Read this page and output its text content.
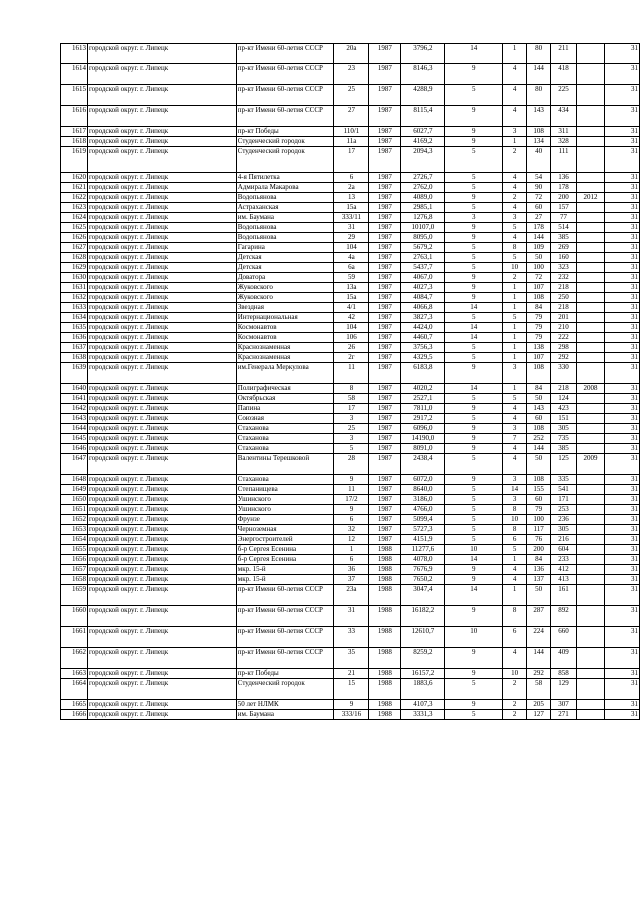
1613	городской округ. г. Липецк	пр-кт Имени 60-летия СССР	20а	1987	3796,2	14	1	80	211		31
1614	городской округ. г. Липецк	пр-кт Имени 60-летия СССР	23	1987	8146,3	9	4	144	418		31
1615	городской округ. г. Липецк	пр-кт Имени 60-летия СССР	25	1987	4288,9	5	4	80	225		31
1616	городской округ. г. Липецк	пр-кт Имени 60-летия СССР	27	1987	8115,4	9	4	143	434		31
1617	городской округ. г. Липецк	пр-кт Победы	110/1	1987	6027,7	9	3	108	311		31
1618	городской округ. г. Липецк	Студенческий городок	11а	1987	4169,2	9	1	134	328		31
1619	городской округ. г. Липецк	Студенческий городок	17	1987	2094,3	5	2	40	111		31
1620	городской округ. г. Липецк	4-я Пятилетка	6	1987	2726,7	5	4	54	136		31
1621	городской округ. г. Липецк	Адмирала Макарова	2а	1987	2762,0	5	4	90	178		31
1622	городской округ. г. Липецк	Водопьянова	13	1987	4089,0	9	2	72	200	2012	31
1623	городской округ. г. Липецк	Астраханская	15а	1987	2985,1	5	4	60	157		31
1624	городской округ. г. Липецк	им. Баумана	333/11	1987	1276,8	3	3	27	77		31
1625	городской округ. г. Липецк	Водопьянова	31	1987	10107,0	9	5	178	514		31
1626	городской округ. г. Липецк	Водопьянова	29	1987	8095,0	9	4	144	385		31
1627	городской округ. г. Липецк	Гагарина	104	1987	5679,2	5	8	109	269		31
1628	городской округ. г. Липецк	Детская	4а	1987	2763,1	5	5	50	160		31
1629	городской округ. г. Липецк	Детская	6а	1987	5437,7	5	10	100	323		31
1630	городской округ. г. Липецк	Доватора	59	1987	4067,0	9	2	72	232		31
1631	городской округ. г. Липецк	Жуковского	13а	1987	4027,3	9	1	107	218		31
1632	городской округ. г. Липецк	Жуковского	15а	1987	4084,7	9	1	108	250		31
1633	городской округ. г. Липецк	Звездная	4/1	1987	4066,8	14	1	84	218		31
1634	городской округ. г. Липецк	Интернациональная	42	1987	3827,3	5	5	79	201		31
1635	городской округ. г. Липецк	Космонавтов	104	1987	4424,0	14	1	79	210		31
1636	городской округ. г. Липецк	Космонавтов	106	1987	4460,7	14	1	79	222		31
1637	городской округ. г. Липецк	Краснознаменная	26	1987	3756,3	5	1	138	298		31
1638	городской округ. г. Липецк	Краснознаменная	2г	1987	4329,5	5	1	107	292		31
1639	городской округ. г. Липецк	им.Генерала Меркулова	11	1987	6183,8	9	3	108	330		31
1640	городской округ. г. Липецк	Полиграфическая	8	1987	4020,2	14	1	84	218	2008	31
1641	городской округ. г. Липецк	Октябрьская	58	1987	2527,1	5	5	50	124		31
1642	городской округ. г. Липецк	Папина	17	1987	7811,0	9	4	143	423		31
1643	городской округ. г. Липецк	Союзная	3	1987	2917,2	5	4	60	151		31
1644	городской округ. г. Липецк	Стаханова	25	1987	6096,0	9	3	108	305		31
1645	городской округ. г. Липецк	Стаханова	3	1987	14190,0	9	7	252	735		31
1646	городской округ. г. Липецк	Стаханова	5	1987	8091,0	9	4	144	385		31
1647	городской округ. г. Липецк	Валентины Терешковой	28	1987	2438,4	5	4	50	125	2009	31
1648	городской округ. г. Липецк	Стаханова	9	1987	6072,0	9	3	108	335		31
1649	городской округ. г. Липецк	Степанищева	11	1987	8640,0	5	14	155	541		31
1650	городской округ. г. Липецк	Ушинского	17/2	1987	3186,0	5	3	60	171		31
1651	городской округ. г. Липецк	Ушинского	9	1987	4766,0	5	8	79	253		31
1652	городской округ. г. Липецк	Фрунзе	6	1987	5099,4	5	10	100	236		31
1653	городской округ. г. Липецк	Черноземная	32	1987	5727,3	5	8	117	305		31
1654	городской округ. г. Липецк	Энергостроителей	12	1987	4151,9	5	6	76	216		31
1655	городской округ. г. Липецк	б-р Сергея Есенина	1	1988	11277,6	10	5	200	604		31
1656	городской округ. г. Липецк	б-р Сергея Есенина	6	1988	4078,0	14	1	84	233		31
1657	городской округ. г. Липецк	мкр. 15-й	36	1988	7676,9	9	4	136	412		31
1658	городской округ. г. Липецк	мкр. 15-й	37	1988	7650,2	9	4	137	413		31
1659	городской округ. г. Липецк	пр-кт Имени 60-летия СССР	23а	1988	3047,4	14	1	50	161		31
1660	городской округ. г. Липецк	пр-кт Имени 60-летия СССР	31	1988	16182,2	9	8	287	892		31
1661	городской округ. г. Липецк	пр-кт Имени 60-летия СССР	33	1988	12610,7	10	6	224	660		31
1662	городской округ. г. Липецк	пр-кт Имени 60-летия СССР	35	1988	8259,2	9	4	144	409		31
1663	городской округ. г. Липецк	пр-кт Победы	21	1988	16157,2	9	10	292	858		31
1664	городской округ. г. Липецк	Студенческий городок	15	1988	1883,6	5	2	58	129		31
1665	городской округ. г. Липецк	50 лет НЛМК	9	1988	4107,3	9	2	205	307		31
1666	городской округ. г. Липецк	им. Баумана	333/16	1988	3331,3	5	2	127	271		31
